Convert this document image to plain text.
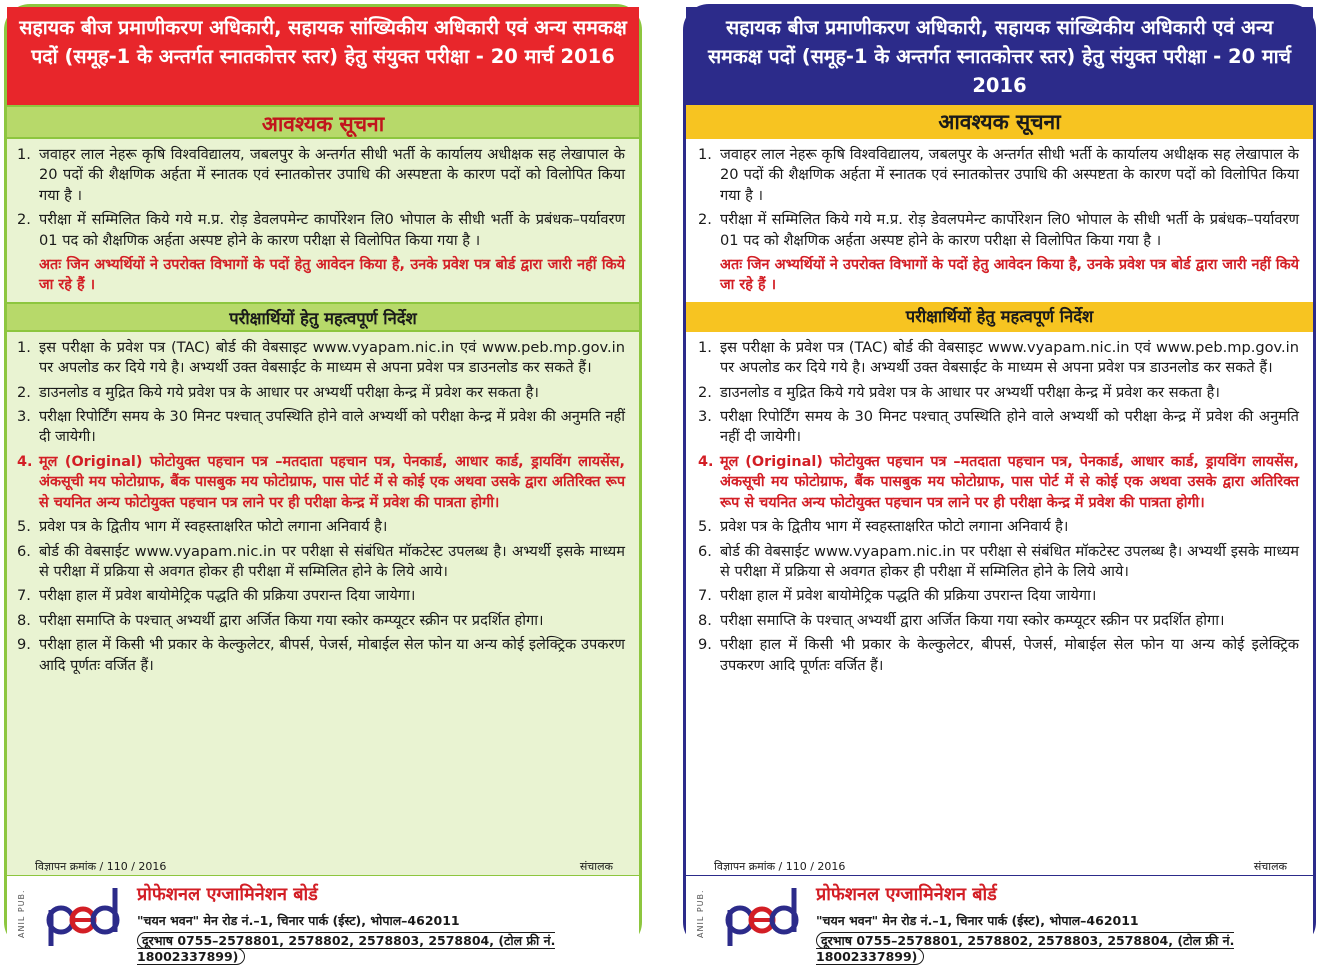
सहायक बीज प्रमाणीकरण अधिकारी, सहायक सांख्यिकीय अधिकारी एवं अन्य समकक्ष पदों (समूह-1 के अन्तर्गत स्नातकोत्तर स्तर) हेतु संयुक्त परीक्षा - 20 मार्च 2016
आवश्यक सूचना
1. जवाहर लाल नेहरू कृषि विश्वविद्यालय, जबलपुर के अन्तर्गत सीधी भर्ती के कार्यालय अधीक्षक सह लेखापाल के 20 पदों की शैक्षणिक अर्हता में स्नातक एवं स्नातकोत्तर उपाधि की अस्पष्टता के कारण पदों को विलोपित किया गया है ।
2. परीक्षा में सम्मिलित किये गये म.प्र. रोड़ डेवलपमेन्ट कार्पोरेशन लि0 भोपाल के सीधी भर्ती के प्रबंधक–पर्यावरण 01 पद को शैक्षणिक अर्हता अस्पष्ट होने के कारण परीक्षा से विलोपित किया गया है ।
अतः जिन अभ्यर्थियों ने उपरोक्त विभागों के पदों हेतु आवेदन किया है, उनके प्रवेश पत्र बोर्ड द्वारा जारी नहीं किये जा रहे हैं ।
परीक्षार्थियों हेतु महत्वपूर्ण निर्देश
1. इस परीक्षा के प्रवेश पत्र (TAC) बोर्ड की वेबसाइट www.vyapam.nic.in एवं www.peb.mp.gov.in पर अपलोड कर दिये गये है। अभ्यर्थी उक्त वेबसाईट के माध्यम से अपना प्रवेश पत्र डाउनलोड कर सकते हैं।
2. डाउनलोड व मुद्रित किये गये प्रवेश पत्र के आधार पर अभ्यर्थी परीक्षा केन्द्र में प्रवेश कर सकता है।
3. परीक्षा रिपोर्टिंग समय के 30 मिनट पश्चात् उपस्थिति होने वाले अभ्यर्थी को परीक्षा केन्द्र में प्रवेश की अनुमति नहीं दी जायेगी।
4. मूल (Original) फोटोयुक्त पहचान पत्र –मतदाता पहचान पत्र, पेनकार्ड, आधार कार्ड, ड्रायविंग लायसेंस, अंकसूची मय फोटोग्राफ, बैंक पासबुक मय फोटोग्राफ, पास पोर्ट में से कोई एक अथवा उसके द्वारा अतिरिक्त रूप से चयनित अन्य फोटोयुक्त पहचान पत्र लाने पर ही परीक्षा केन्द्र में प्रवेश की पात्रता होगी।
5. प्रवेश पत्र के द्वितीय भाग में स्वहस्ताक्षरित फोटो लगाना अनिवार्य है।
6. बोर्ड की वेबसाईट www.vyapam.nic.in पर परीक्षा से संबंधित मॉकटेस्ट उपलब्ध है। अभ्यर्थी इसके माध्यम से परीक्षा में प्रक्रिया से अवगत होकर ही परीक्षा में सम्मिलित होने के लिये आये।
7. परीक्षा हाल में प्रवेश बायोमेट्रिक पद्धति की प्रक्रिया उपरान्त दिया जायेगा।
8. परीक्षा समाप्ति के पश्चात् अभ्यर्थी द्वारा अर्जित किया गया स्कोर कम्प्यूटर स्क्रीन पर प्रदर्शित होगा।
9. परीक्षा हाल में किसी भी प्रकार के केल्कुलेटर, बीपर्स, पेजर्स, मोबाईल सेल फोन या अन्य कोई इलेक्ट्रिक उपकरण आदि पूर्णतः वर्जित हैं।
विज्ञापन क्रमांक / 110 / 2016	संचालक
ANIL PUB.	प्रोफेशनल एग्जामिनेशन बोर्ड
"चयन भवन" मेन रोड नं.–1, चिनार पार्क (ईस्ट), भोपाल–462011
दूरभाष 0755–2578801, 2578802, 2578803, 2578804, (टोल फ्री नं. 18002337899)
सहायक बीज प्रमाणीकरण अधिकारी, सहायक सांख्यिकीय अधिकारी एवं अन्य समकक्ष पदों (समूह-1 के अन्तर्गत स्नातकोत्तर स्तर) हेतु संयुक्त परीक्षा - 20 मार्च 2016
आवश्यक सूचना
1. जवाहर लाल नेहरू कृषि विश्वविद्यालय, जबलपुर के अन्तर्गत सीधी भर्ती के कार्यालय अधीक्षक सह लेखापाल के 20 पदों की शैक्षणिक अर्हता में स्नातक एवं स्नातकोत्तर उपाधि की अस्पष्टता के कारण पदों को विलोपित किया गया है ।
2. परीक्षा में सम्मिलित किये गये म.प्र. रोड़ डेवलपमेन्ट कार्पोरेशन लि0 भोपाल के सीधी भर्ती के प्रबंधक–पर्यावरण 01 पद को शैक्षणिक अर्हता अस्पष्ट होने के कारण परीक्षा से विलोपित किया गया है ।
अतः जिन अभ्यर्थियों ने उपरोक्त विभागों के पदों हेतु आवेदन किया है, उनके प्रवेश पत्र बोर्ड द्वारा जारी नहीं किये जा रहे हैं ।
परीक्षार्थियों हेतु महत्वपूर्ण निर्देश
1. इस परीक्षा के प्रवेश पत्र (TAC) बोर्ड की वेबसाइट www.vyapam.nic.in एवं www.peb.mp.gov.in पर अपलोड कर दिये गये है। अभ्यर्थी उक्त वेबसाईट के माध्यम से अपना प्रवेश पत्र डाउनलोड कर सकते हैं।
2. डाउनलोड व मुद्रित किये गये प्रवेश पत्र के आधार पर अभ्यर्थी परीक्षा केन्द्र में प्रवेश कर सकता है।
3. परीक्षा रिपोर्टिंग समय के 30 मिनट पश्चात् उपस्थिति होने वाले अभ्यर्थी को परीक्षा केन्द्र में प्रवेश की अनुमति नहीं दी जायेगी।
4. मूल (Original) फोटोयुक्त पहचान पत्र –मतदाता पहचान पत्र, पेनकार्ड, आधार कार्ड, ड्रायविंग लायसेंस, अंकसूची मय फोटोग्राफ, बैंक पासबुक मय फोटोग्राफ, पास पोर्ट में से कोई एक अथवा उसके द्वारा अतिरिक्त रूप से चयनित अन्य फोटोयुक्त पहचान पत्र लाने पर ही परीक्षा केन्द्र में प्रवेश की पात्रता होगी।
5. प्रवेश पत्र के द्वितीय भाग में स्वहस्ताक्षरित फोटो लगाना अनिवार्य है।
6. बोर्ड की वेबसाईट www.vyapam.nic.in पर परीक्षा से संबंधित मॉकटेस्ट उपलब्ध है। अभ्यर्थी इसके माध्यम से परीक्षा में प्रक्रिया से अवगत होकर ही परीक्षा में सम्मिलित होने के लिये आये।
7. परीक्षा हाल में प्रवेश बायोमेट्रिक पद्धति की प्रक्रिया उपरान्त दिया जायेगा।
8. परीक्षा समाप्ति के पश्चात् अभ्यर्थी द्वारा अर्जित किया गया स्कोर कम्प्यूटर स्क्रीन पर प्रदर्शित होगा।
9. परीक्षा हाल में किसी भी प्रकार के केल्कुलेटर, बीपर्स, पेजर्स, मोबाईल सेल फोन या अन्य कोई इलेक्ट्रिक उपकरण आदि पूर्णतः वर्जित हैं।
विज्ञापन क्रमांक / 110 / 2016	संचालक
ANIL PUB.	प्रोफेशनल एग्जामिनेशन बोर्ड
"चयन भवन" मेन रोड नं.–1, चिनार पार्क (ईस्ट), भोपाल–462011
दूरभाष 0755–2578801, 2578802, 2578803, 2578804, (टोल फ्री नं. 18002337899)
